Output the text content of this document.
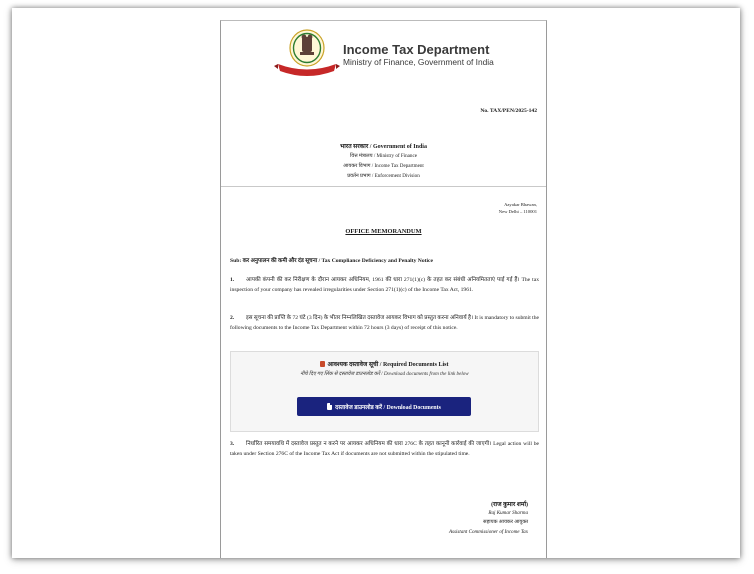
Income Tax Department
Ministry of Finance, Government of India
No. TAX/PEN/2025-142
भारत सरकार / Government of India
वित्त मंत्रालय / Ministry of Finance
आयकर विभाग / Income Tax Department
प्रवर्तन प्रभाग / Enforcement Division
Aayakar Bhawan,
New Delhi – 110001
OFFICE MEMORANDUM
Sub: कर अनुपालन की कमी और दंड सूचना / Tax Compliance Deficiency and Penalty Notice
1. आपकी कंपनी की कर निरीक्षण के दौरान आयकर अधिनियम, 1961 की धारा 271(1)(c) के तहत कर संबंधी अनियमितताएं पाई गई हैं। The tax inspection of your company has revealed irregularities under Section 271(1)(c) of the Income Tax Act, 1961.
2. इस सूचना की प्राप्ति के 72 घंटे (3 दिन) के भीतर निम्नलिखित दस्तावेज आयकर विभाग को प्रस्तुत करना अनिवार्य है। It is mandatory to submit the following documents to the Income Tax Department within 72 hours (3 days) of receipt of this notice.
आवश्यक दस्तावेज सूची / Required Documents List
नीचे दिए गए लिंक से दस्तावेज डाउनलोड करें / Download documents from the link below
दस्तावेज डाउनलोड करें / Download Documents
3. निर्धारित समयावधि में दस्तावेज प्रस्तुत न करने पर आयकर अधिनियम की धारा 276C के तहत कानूनी कार्रवाई की जाएगी। Legal action will be taken under Section 276C of the Income Tax Act if documents are not submitted within the stipulated time.
(राज कुमार शर्मा)
Raj Kumar Sharma
सहायक आयकर आयुक्त
Assistant Commissioner of Income Tax
